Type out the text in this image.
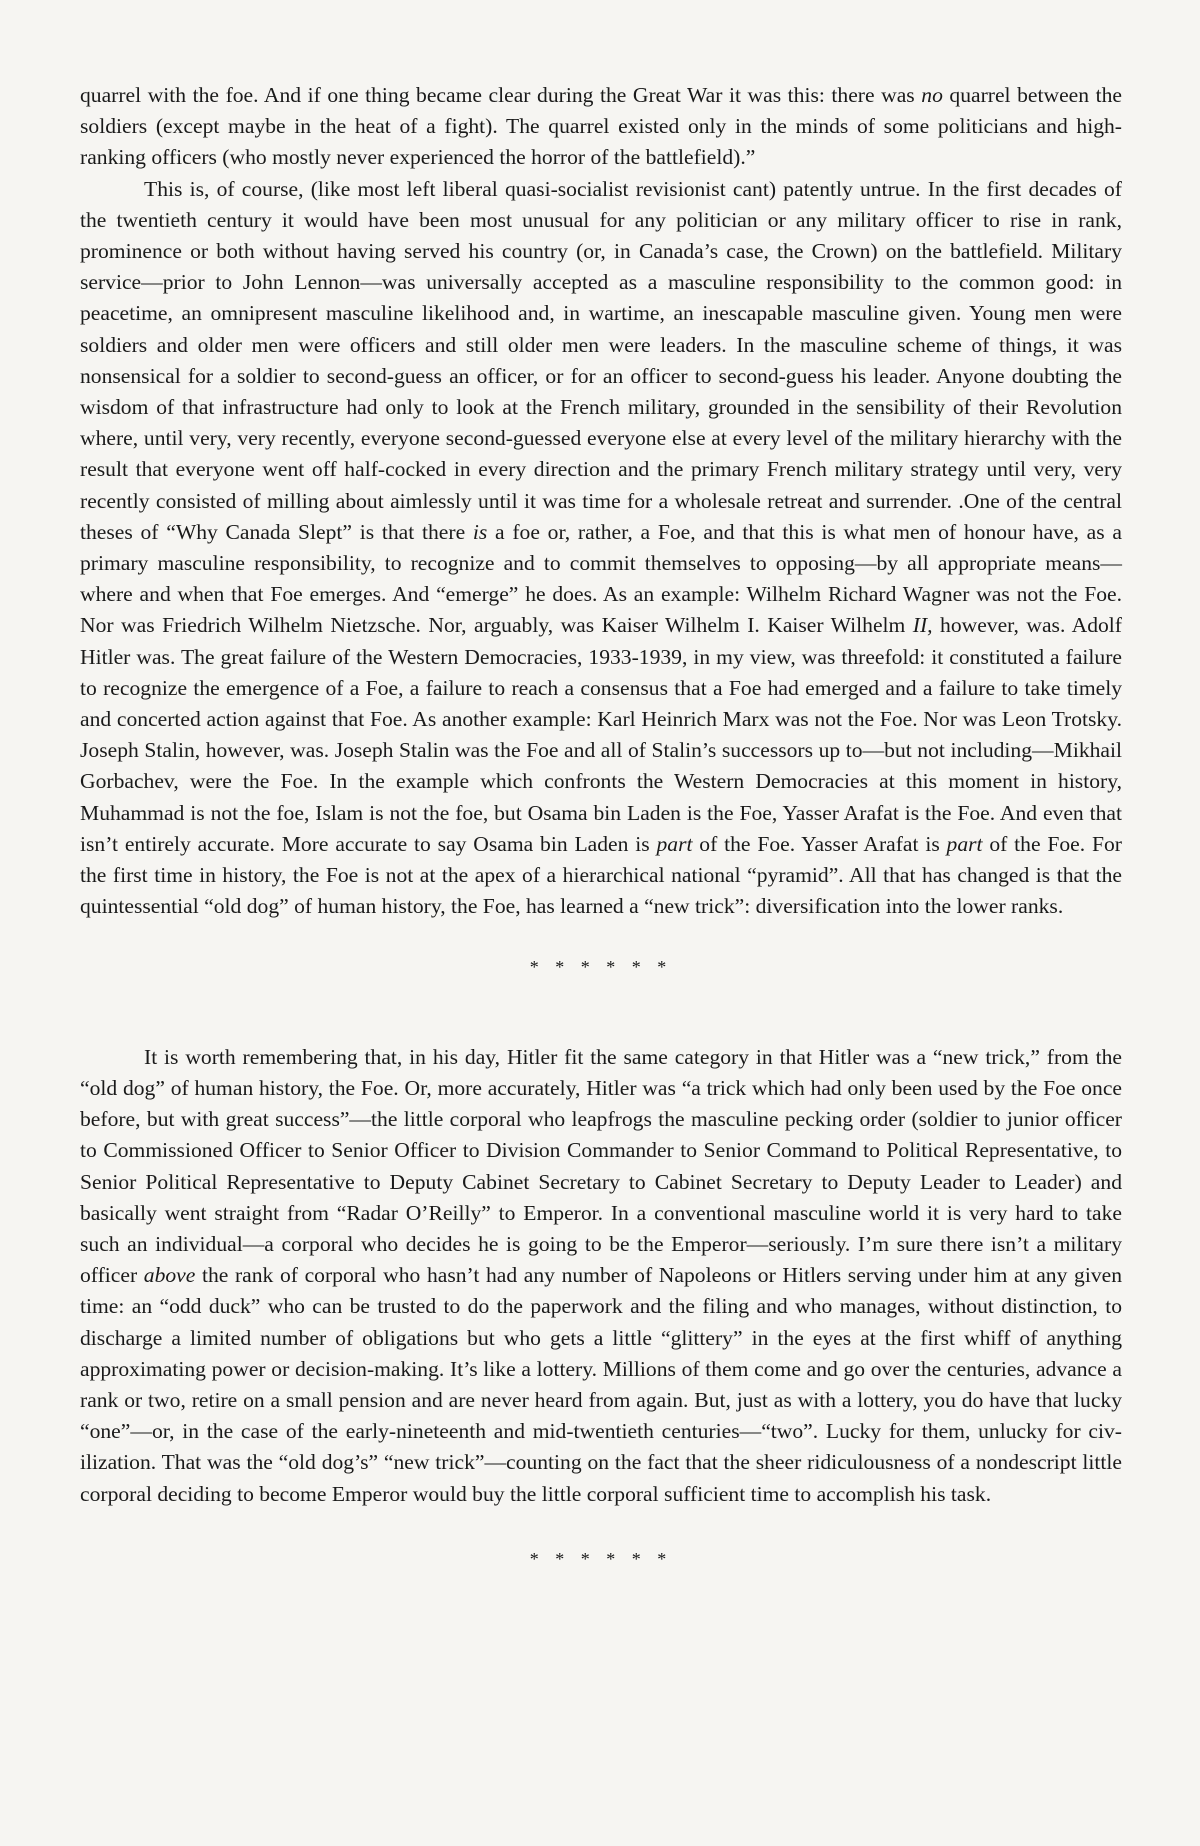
quarrel with the foe. And if one thing became clear during the Great War it was this: there was no quarrel between the soldiers (except maybe in the heat of a fight). The quarrel existed only in the minds of some politicians and high-ranking officers (who mostly never experienced the horror of the battlefield).”

This is, of course, (like most left liberal quasi-socialist revisionist cant) patently untrue. In the first decades of the twentieth century it would have been most unusual for any politician or any military officer to rise in rank, prominence or both without having served his country (or, in Canada’s case, the Crown) on the battlefield. Military service—prior to John Lennon—was universally accepted as a masculine responsibility to the common good: in peacetime, an omnipresent masculine likelihood and, in wartime, an inescapable masculine given. Young men were soldiers and older men were officers and still older men were leaders. In the masculine scheme of things, it was nonsensical for a soldier to second-guess an officer, or for an officer to second-guess his leader. Anyone doubting the wisdom of that infrastructure had only to look at the French military, grounded in the sensibility of their Revolution where, until very, very recently, everyone second-guessed everyone else at every level of the military hierarchy with the result that everyone went off half-cocked in every direction and the primary French military strategy until very, very recently consisted of milling about aimlessly until it was time for a wholesale retreat and surrender. .One of the central theses of “Why Canada Slept” is that there is a foe or, rather, a Foe, and that this is what men of honour have, as a primary masculine responsibility, to recognize and to commit themselves to opposing—by all appropriate means—where and when that Foe emerges. And “emerge” he does. As an example: Wilhelm Richard Wagner was not the Foe. Nor was Friedrich Wilhelm Nietzsche. Nor, arguably, was Kaiser Wilhelm I. Kaiser Wilhelm II, however, was. Adolf Hitler was. The great failure of the Western Democracies, 1933-1939, in my view, was threefold: it constituted a failure to recognize the emergence of a Foe, a failure to reach a consensus that a Foe had emerged and a failure to take timely and concerted action against that Foe. As another example: Karl Heinrich Marx was not the Foe. Nor was Leon Trotsky. Joseph Stalin, however, was. Joseph Stalin was the Foe and all of Stalin’s successors up to—but not including—Mikhail Gorbachev, were the Foe. In the example which confronts the Western Democracies at this moment in history, Muhammad is not the foe, Islam is not the foe, but Osama bin Laden is the Foe, Yasser Arafat is the Foe. And even that isn’t entirely accurate. More accurate to say Osama bin Laden is part of the Foe. Yasser Arafat is part of the Foe. For the first time in history, the Foe is not at the apex of a hierarchical national “pyramid”. All that has changed is that the quintessential “old dog” of human history, the Foe, has learned a “new trick”: diversification into the lower ranks.

* * * * * *

It is worth remembering that, in his day, Hitler fit the same category in that Hitler was a “new trick,” from the “old dog” of human history, the Foe. Or, more accurately, Hitler was “a trick which had only been used by the Foe once before, but with great success”—the little corporal who leapfrogs the masculine pecking order (soldier to junior officer to Commissioned Officer to Senior Officer to Division Commander to Senior Command to Political Representative, to Senior Political Representative to Deputy Cabinet Secretary to Cabinet Secretary to Deputy Leader to Leader) and basically went straight from “Radar O’Reilly” to Emperor. In a conventional masculine world it is very hard to take such an individual—a corporal who decides he is going to be the Emperor—seriously. I’m sure there isn’t a military officer above the rank of corporal who hasn’t had any number of Napoleons or Hitlers serving under him at any given time: an “odd duck” who can be trusted to do the paperwork and the filing and who manages, without distinction, to discharge a limited number of obligations but who gets a little “glittery” in the eyes at the first whiff of anything approximating power or decision-making. It’s like a lottery. Millions of them come and go over the centuries, advance a rank or two, retire on a small pension and are never heard from again. But, just as with a lottery, you do have that lucky “one”—or, in the case of the early-nineteenth and mid-twentieth centuries—“two”. Lucky for them, unlucky for civilization. That was the “old dog’s” “new trick”—counting on the fact that the sheer ridiculousness of a nondescript little corporal deciding to become Emperor would buy the little corporal sufficient time to accomplish his task.

* * * * * *
